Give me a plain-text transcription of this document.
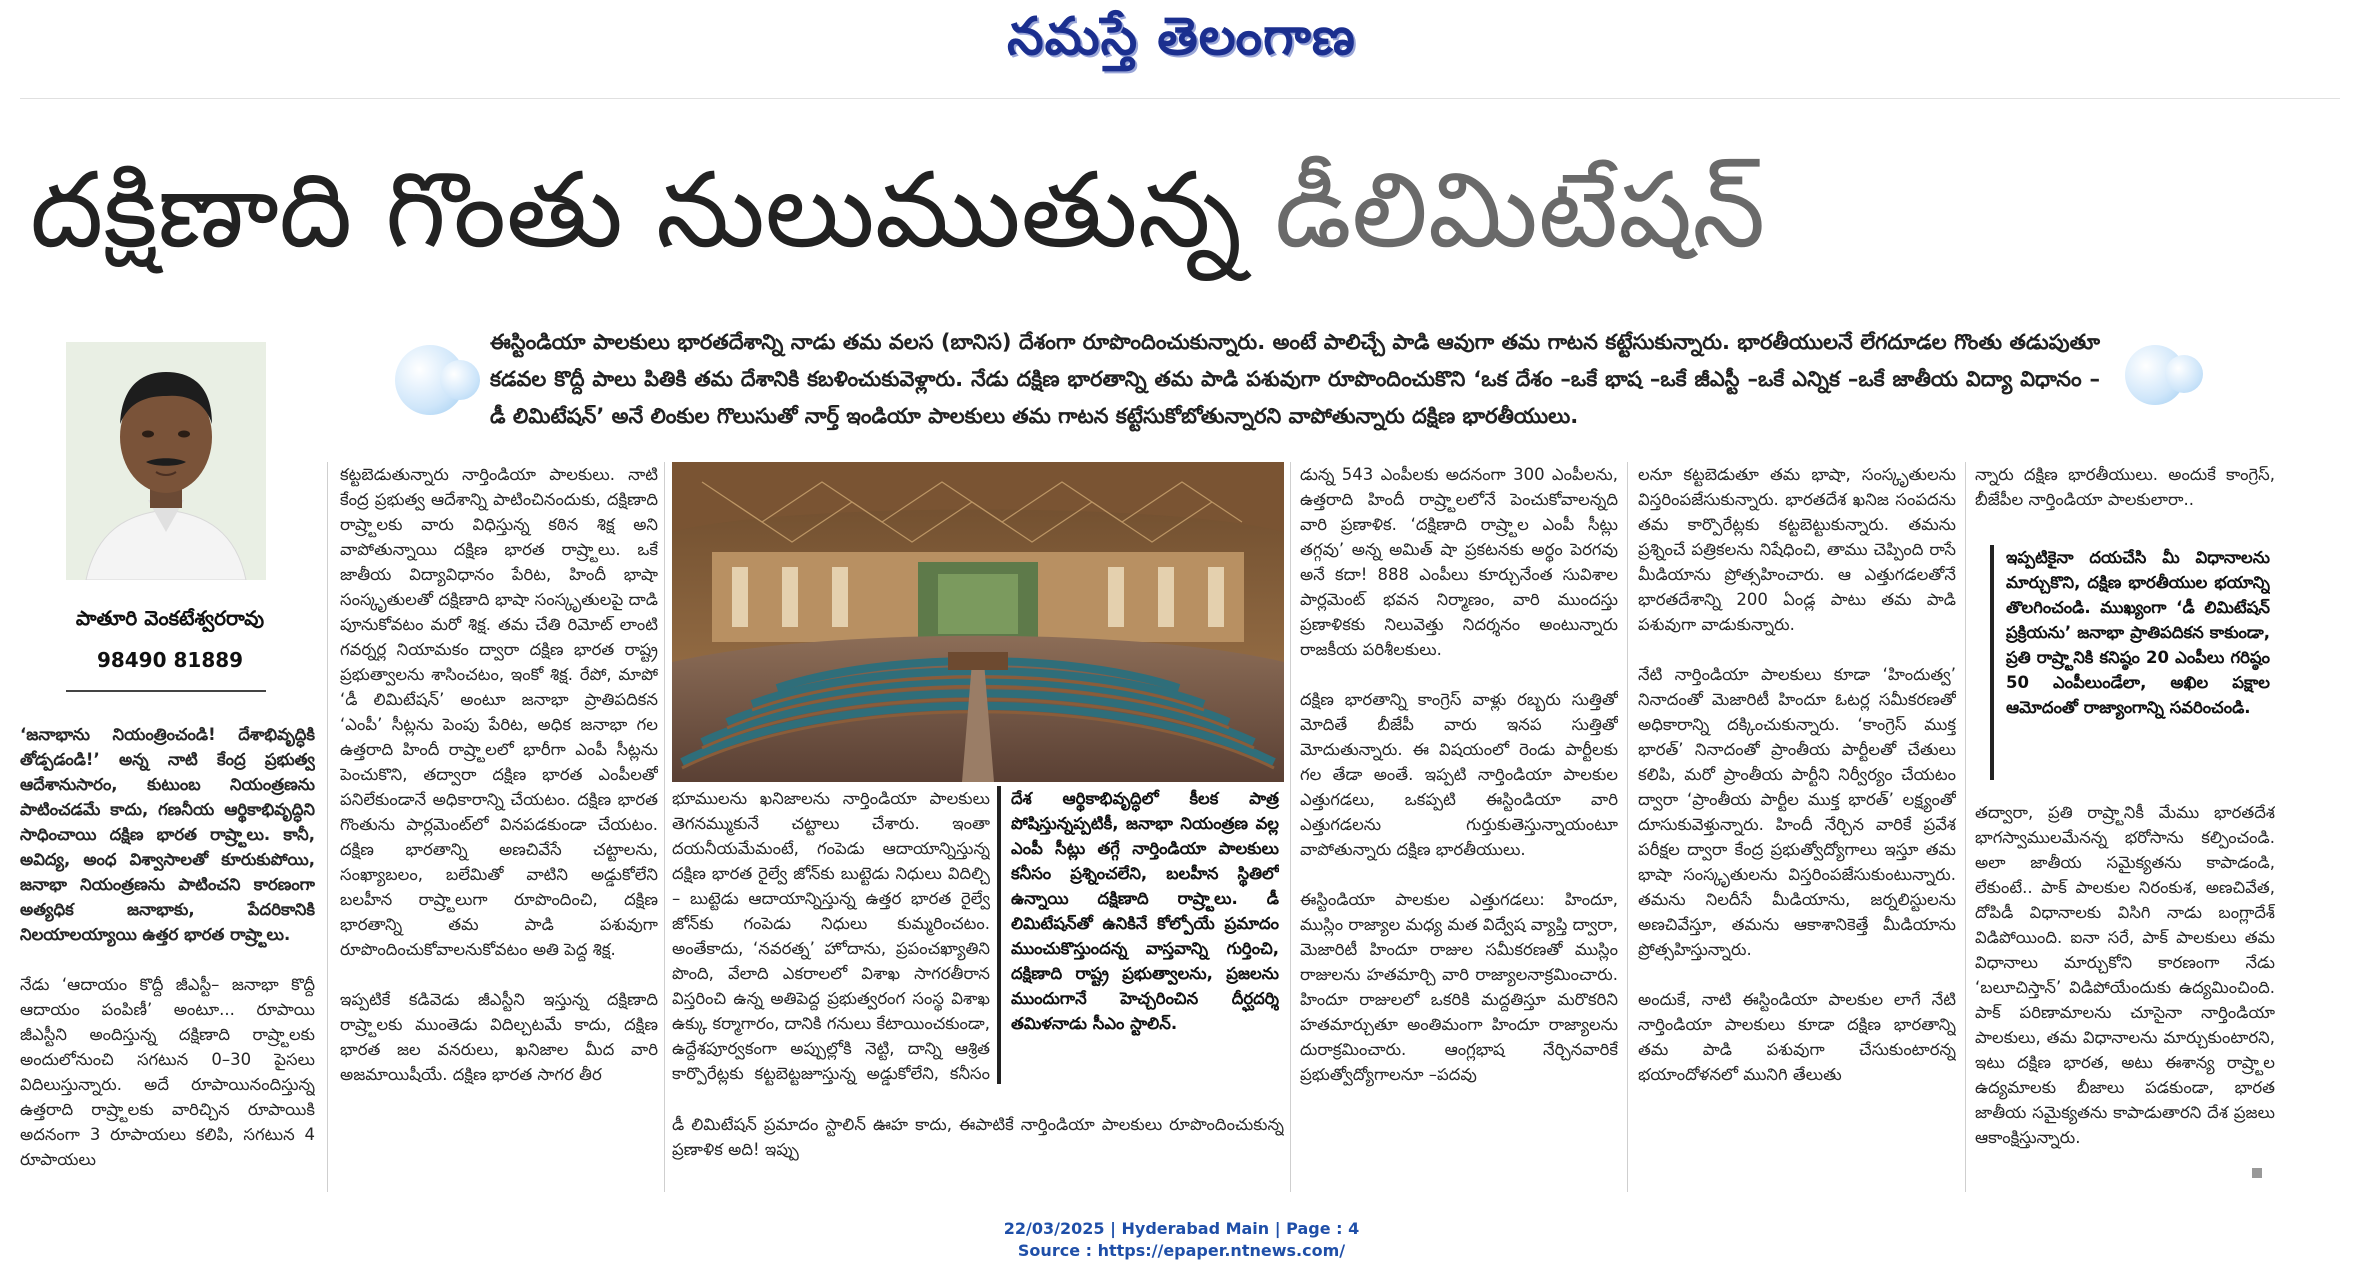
నమస్తే తెలంగాణ
దక్షిణాది గొంతు నులుముతున్న డీలిమిటేషన్
ఈస్టిండియా పాలకులు భారతదేశాన్ని నాడు తమ వలస (బానిస) దేశంగా రూపొందించుకున్నారు. అంటే పాలిచ్చే పాడి ఆవుగా తమ గాటన కట్టేసుకున్నారు. భారతీయులనే లేగదూడల గొంతు తడుపుతూ కడవల కొద్దీ పాలు పితికి తమ దేశానికి కబళించుకువెళ్లారు. నేడు దక్షిణ భారతాన్ని తమ పాడి పశువుగా రూపొందించుకొని ‘ఒక దేశం –ఒకే భాష –ఒకే జీఎస్టీ –ఒకే ఎన్నిక –ఒకే జాతీయ విద్యా విధానం –డీ లిమిటేషన్‌’ అనే లింకుల గొలుసుతో నార్త్‌ ఇండియా పాలకులు తమ గాటన కట్టేసుకోబోతున్నారని వాపోతున్నారు దక్షిణ భారతీయులు.
పాతూరి వెంకటేశ్వరరావు
98490 81889

‘జనాభాను నియంత్రించండి! దేశాభివృద్ధికి తోడ్పడండి!’ అన్న నాటి కేంద్ర ప్రభుత్వ ఆదేశానుసారం, కుటుంబ నియంత్రణను పాటించడమే కాదు, గణనీయ ఆర్థికాభివృద్ధిని సాధించాయి దక్షిణ భారత రాష్ర్టాలు. కానీ, అవిద్య, అంధ విశ్వాసాలతో కూరుకుపోయి, జనాభా నియంత్రణను పాటించని కారణంగా అత్యధిక జనాభాకు, పేదరికానికి నిలయాలయ్యాయి ఉత్తర భారత రాష్ర్టాలు.

నేడు ‘ఆదాయం కొద్దీ జీఎస్టీ– జనాభా కొద్దీ ఆదాయం పంపిణీ’ అంటూ... రూపాయి జీఎస్టీని అందిస్తున్న దక్షిణాది రాష్ర్టాలకు అందులోనుంచి సగటున 0–30 పైసలు విదిలుస్తున్నారు. అదే రూపాయినందిస్తున్న ఉత్తరాది రాష్ర్టాలకు వారిచ్చిన రూపాయికి అదనంగా 3 రూపాయలు కలిపి, సగటున 4 రూపాయలు

కట్టబెడుతున్నారు నార్తిండియా పాలకులు. నాటి కేంద్ర ప్రభుత్వ ఆదేశాన్ని పాటించినందుకు, దక్షిణాది రాష్ర్టాలకు వారు విధిస్తున్న కఠిన శిక్ష అని వాపోతున్నాయి దక్షిణ భారత రాష్ర్టాలు. ఒకే జాతీయ విద్యావిధానం పేరిట, హిందీ భాషా సంస్కృతులతో దక్షిణాది భాషా సంస్కృతులపై దాడి పూనుకోవటం మరో శిక్ష. తమ చేతి రిమోట్‌ లాంటి గవర్నర్ల నియామకం ద్వారా దక్షిణ భారత రాష్ట్ర ప్రభుత్వాలను శాసించటం, ఇంకో శిక్ష. రేపో, మాపో ‘డీ లిమిటేషన్‌’ అంటూ జనాభా ప్రాతిపదికన ‘ఎంపీ’ సీట్లను పెంపు పేరిట, అధిక జనాభా గల ఉత్తరాది హిందీ రాష్ర్టాలలో భారీగా ఎంపీ సీట్లను పెంచుకొని, తద్వారా దక్షిణ భారత ఎంపీలతో పనిలేకుండానే అధికారాన్ని చేయటం. దక్షిణ భారత గొంతును పార్లమెంట్‌లో వినపడకుండా చేయటం. దక్షిణ భారతాన్ని అణచివేసే చట్టాలను, సంఖ్యాబలం, బలేమితో వాటిని అడ్డుకోలేని బలహీన రాష్ర్టాలుగా రూపొందించి, దక్షిణ భారతాన్ని తమ పాడి పశువుగా రూపొందించుకోవాలనుకోవటం అతి పెద్ద శిక్ష.

ఇప్పటికే కడివెడు జీఎస్టీని ఇస్తున్న దక్షిణాది రాష్ర్టాలకు ముంతెడు విదిల్చటమే కాదు, దక్షిణ భారత జల వనరులు, ఖనిజాల మీద వారి అజమాయిషీయే. దక్షిణ భారత సాగర తీర

భూములను ఖనిజాలను నార్తిండియా పాలకులు తెగనమ్ముకునే చట్టాలు చేశారు. ఇంతా దయనీయమేమంటే, గంపెడు ఆదాయాన్నిస్తున్న దక్షిణ భారత రైల్వే జోన్‌కు బుట్టెడు నిధులు విదిల్చి – బుట్టెడు ఆదాయాన్నిస్తున్న ఉత్తర భారత రైల్వే జోన్‌కు గంపెడు నిధులు కుమ్మరించటం. అంతేకాదు, ‘నవరత్న’ హోదాను, ప్రపంచఖ్యాతిని పొంది, వేలాది ఎకరాలలో విశాఖ సాగరతీరాన విస్తరించి ఉన్న అతిపెద్ద ప్రభుత్వరంగ సంస్థ విశాఖ ఉక్కు కర్మాగారం, దానికి గనులు కేటాయించకుండా, ఉద్దేశపూర్వకంగా అప్పుల్లోకి నెట్టి, దాన్ని ఆశ్రిత కార్పొరేట్లకు కట్టబెట్టజూస్తున్న అడ్డుకోలేని, కనీసం

దేశ ఆర్థికాభివృద్ధిలో కీలక పాత్ర పోషిస్తున్నప్పటికీ, జనాభా నియంత్రణ వల్ల ఎంపీ సీట్లు తగ్గే నార్తిండియా పాలకులు కనీసం ప్రశ్నించలేని, బలహీన స్థితిలో ఉన్నాయి దక్షిణాది రాష్ర్టాలు. డీ లిమిటేషన్‌తో ఉనికినే కోల్పోయే ప్రమాదం ముంచుకొస్తుందన్న వాస్తవాన్ని గుర్తించి, దక్షిణాది రాష్ట్ర ప్రభుత్వాలను, ప్రజలను ముందుగానే హెచ్చరించిన దీర్ఘదర్శి తమిళనాడు సీఎం స్టాలిన్‌.

డీ లిమిటేషన్‌ ప్రమాదం స్టాలిన్‌ ఊహ కాదు, ఈపాటికే నార్తిండియా పాలకులు రూపొందించుకున్న ప్రణాళిక అది! ఇప్పు

డున్న 543 ఎంపీలకు అదనంగా 300 ఎంపీలను, ఉత్తరాది హిందీ రాష్ర్టాలలోనే పెంచుకోవాలన్నది వారి ప్రణాళిక. ‘దక్షిణాది రాష్ర్టాల ఎంపీ సీట్లు తగ్గవు’ అన్న అమిత్‌ షా ప్రకటనకు అర్థం పెరగవు అనే కదా! 888 ఎంపీలు కూర్చునేంత సువిశాల పార్లమెంట్‌ భవన నిర్మాణం, వారి ముందస్తు ప్రణాళికకు నిలువెత్తు నిదర్శనం అంటున్నారు రాజకీయ పరిశీలకులు.

దక్షిణ భారతాన్ని కాంగ్రెస్‌ వాళ్లు రబ్బరు సుత్తితో మోదితే బీజేపీ వారు ఇనప సుత్తితో మోదుతున్నారు. ఈ విషయంలో రెండు పార్టీలకు గల తేడా అంతే. ఇప్పటి నార్తిండియా పాలకుల ఎత్తుగడలు, ఒకప్పటి ఈస్టిండియా వారి ఎత్తుగడలను గుర్తుకుతెస్తున్నాయంటూ వాపోతున్నారు దక్షిణ భారతీయులు.

ఈస్టిండియా పాలకుల ఎత్తుగడలు: హిందూ, ముస్లిం రాజ్యాల మధ్య మత విద్వేష వ్యాప్తి ద్వారా, మెజారిటీ హిందూ రాజుల సమీకరణతో ముస్లిం రాజులను హతమార్చి వారి రాజ్యాలనాక్రమించారు. హిందూ రాజులలో ఒకరికి మద్దతిస్తూ మరొకరిని హతమార్చుతూ అంతిమంగా హిందూ రాజ్యాలను దురాక్రమించారు. ఆంగ్లభాష నేర్చినవారికే ప్రభుత్వోద్యోగాలనూ –పదవు

లనూ కట్టబెడుతూ తమ భాషా, సంస్కృతులను విస్తరింపజేసుకున్నారు. భారతదేశ ఖనిజ సంపదను తమ కార్పొరేట్లకు కట్టబెట్టుకున్నారు. తమను ప్రశ్నించే పత్రికలను నిషేధించి, తాము చెప్పింది రాసే మీడియాను ప్రోత్సహించారు. ఆ ఎత్తుగడలతోనే భారతదేశాన్ని 200 ఏండ్ల పాటు తమ పాడి పశువుగా వాడుకున్నారు.

నేటి నార్తిండియా పాలకులు కూడా ‘హిందుత్వ’ నినాదంతో మెజారిటీ హిందూ ఓటర్ల సమీకరణతో అధికారాన్ని దక్కించుకున్నారు. ‘కాంగ్రెస్‌ ముక్త భారత్‌’ నినాదంతో ప్రాంతీయ పార్టీలతో చేతులు కలిపి, మరో ప్రాంతీయ పార్టీని నిర్వీర్యం చేయటం ద్వారా ‘ప్రాంతీయ పార్టీల ముక్త భారత్‌’ లక్ష్యంతో దూసుకువెళ్తున్నారు. హిందీ నేర్చిన వారికే ప్రవేశ పరీక్షల ద్వారా కేంద్ర ప్రభుత్వోద్యోగాలు ఇస్తూ తమ భాషా సంస్కృతులను విస్తరింపజేసుకుంటున్నారు. తమను నిలదీసే మీడియాను, జర్నలిస్టులను అణచివేస్తూ, తమను ఆకాశానికెత్తే మీడియాను ప్రోత్సహిస్తున్నారు.

అందుకే, నాటి ఈస్టిండియా పాలకుల లాగే నేటి నార్తిండియా పాలకులు కూడా దక్షిణ భారతాన్ని తమ పాడి పశువుగా చేసుకుంటారన్న భయాందోళనలో మునిగి తేలుతు

న్నారు దక్షిణ భారతీయులు. అందుకే కాంగ్రెస్‌, బీజేపీల నార్తిండియా పాలకులారా..

ఇప్పటికైనా దయచేసి మీ విధానాలను మార్చుకొని, దక్షిణ భారతీయుల భయాన్ని తొలగించండి. ముఖ్యంగా ‘డీ లిమిటేషన్‌ ప్రక్రియను’ జనాభా ప్రాతిపదికన కాకుండా, ప్రతి రాష్ర్టానికి కనిష్ఠం 20 ఎంపీలు గరిష్ఠం 50 ఎంపీలుండేలా, అఖిల పక్షాల ఆమోదంతో రాజ్యాంగాన్ని సవరించండి.

తద్వారా, ప్రతి రాష్ర్టానికీ మేము భారతదేశ భాగస్వాములమేనన్న భరోసాను కల్పించండి. అలా జాతీయ సమైక్యతను కాపాడండి, లేకుంటే.. పాక్‌ పాలకుల నిరంకుశ, అణచివేత, దోపిడీ విధానాలకు విసిగి నాడు బంగ్లాదేశ్‌ విడిపోయింది. ఐనా సరే, పాక్‌ పాలకులు తమ విధానాలు మార్చుకోని కారణంగా నేడు ‘బలూచిస్తాన్‌’ విడిపోయేందుకు ఉద్యమించింది. పాక్‌ పరిణామాలను చూసైనా నార్తిండియా పాలకులు, తమ విధానాలను మార్చుకుంటారని, ఇటు దక్షిణ భారత, అటు ఈశాన్య రాష్ర్టాల ఉద్యమాలకు బీజాలు పడకుండా, భారత జాతీయ సమైక్యతను కాపాడుతారని దేశ ప్రజలు ఆకాంక్షిస్తున్నారు.

22/03/2025 | Hyderabad Main | Page : 4
Source : https://epaper.ntnews.com/
